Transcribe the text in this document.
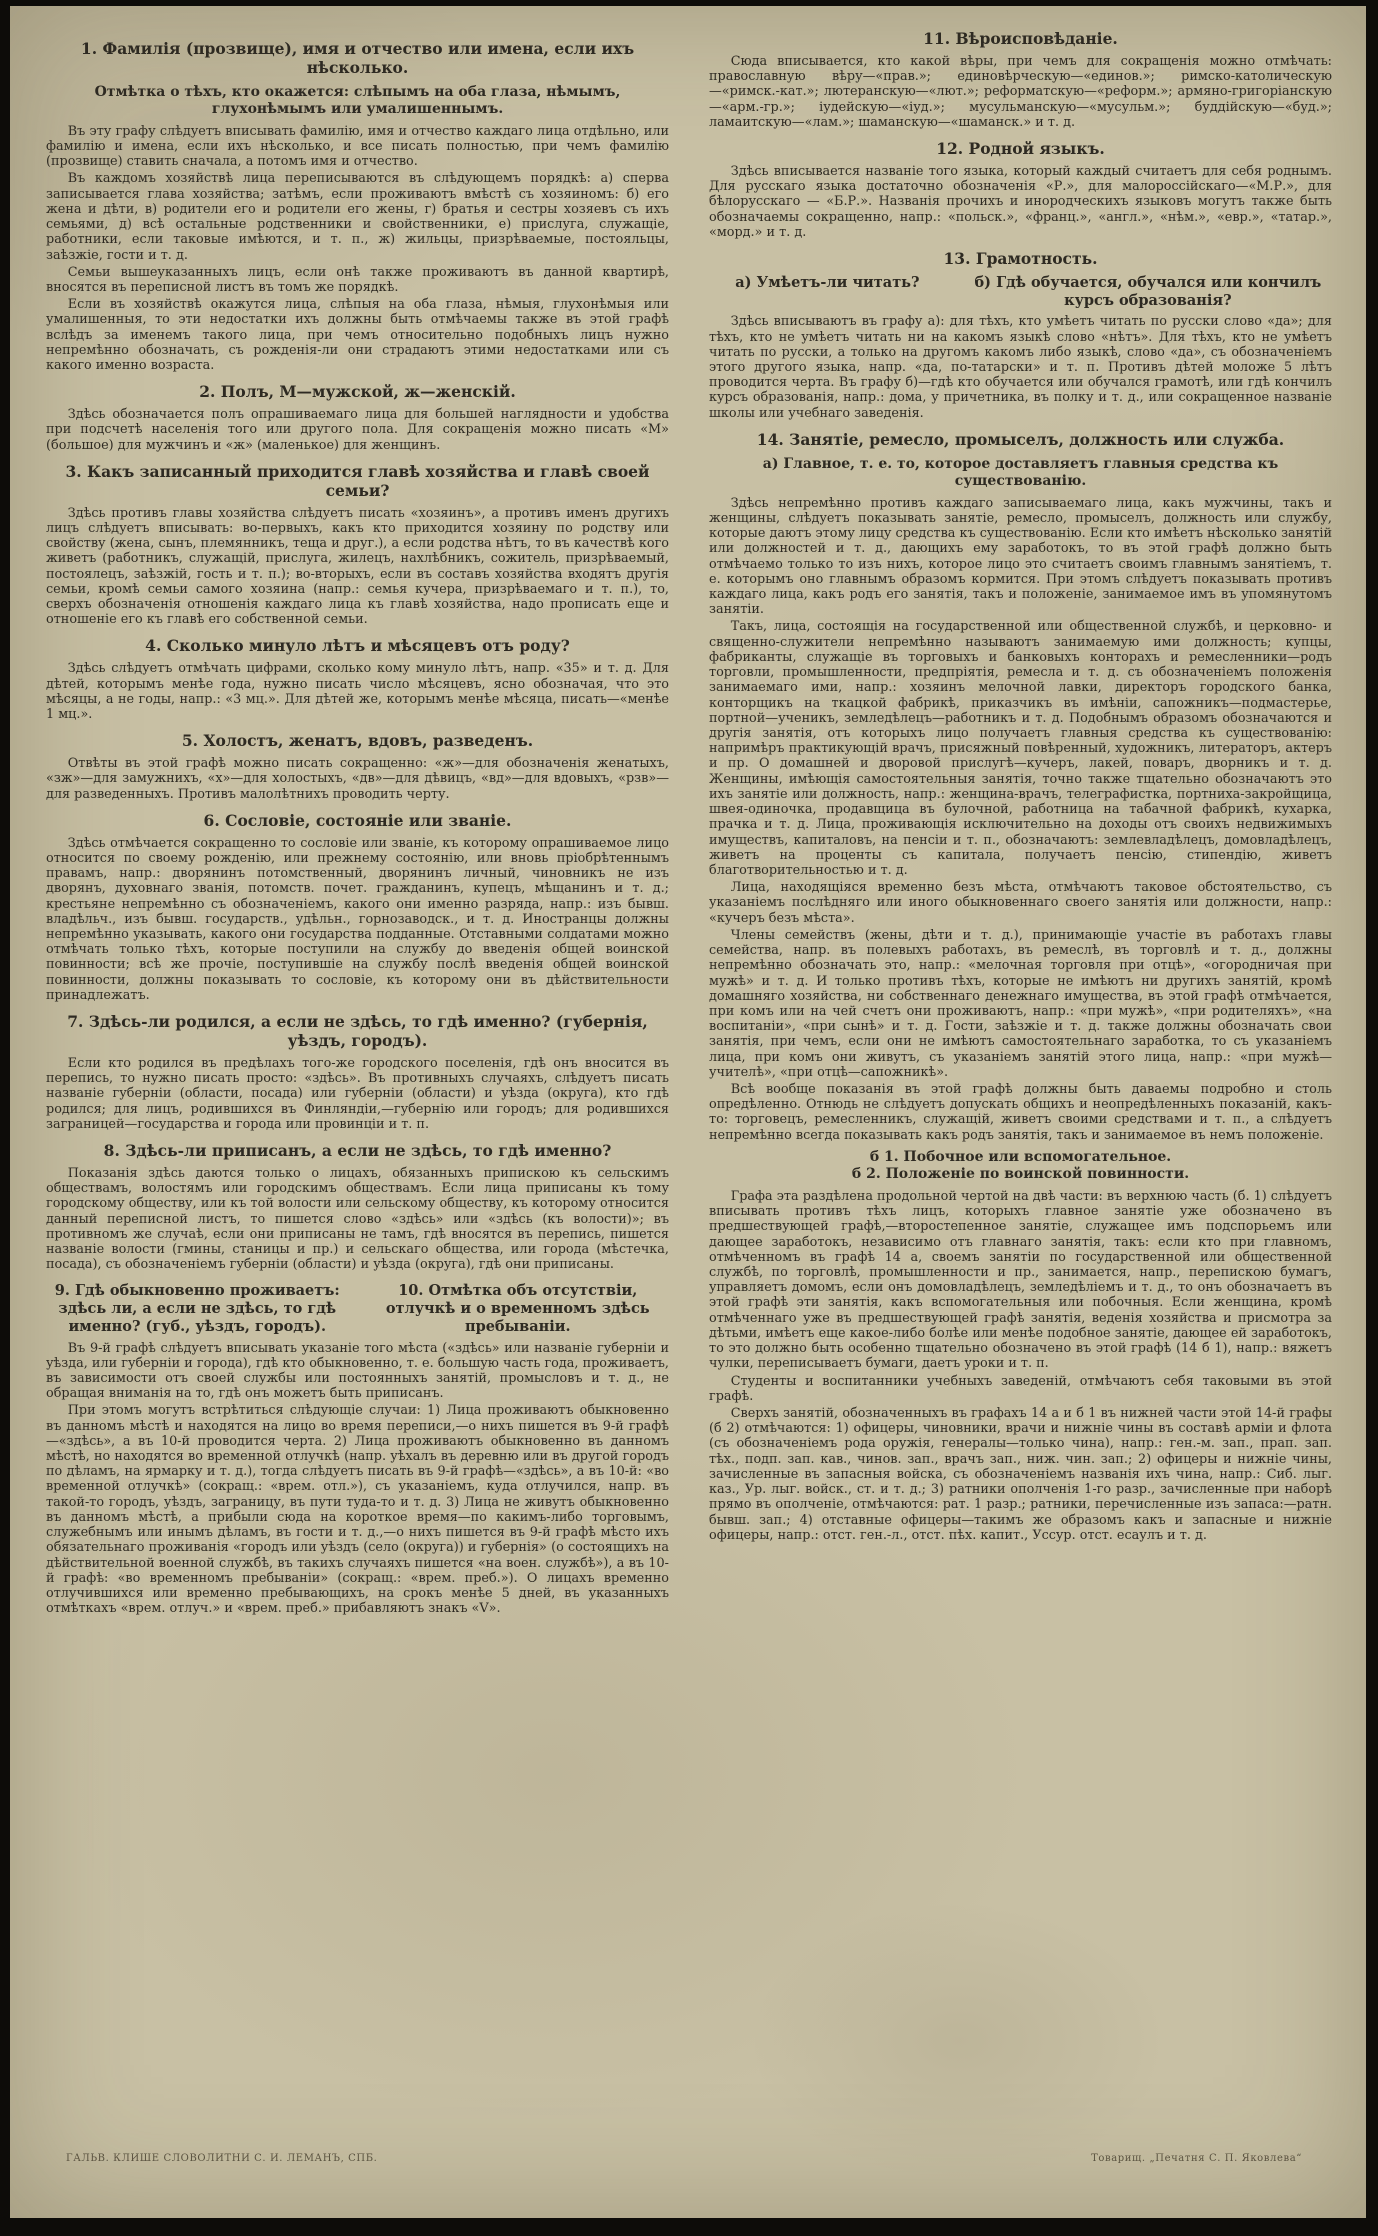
1. Фамилія (прозвище), имя и отчество или имена, если ихъ нѣсколько.
Отмѣтка о тѣхъ, кто окажется: слѣпымъ на оба глаза, нѣмымъ, глухонѣмымъ или умалишеннымъ.

Въ эту графу слѣдуетъ вписывать фамилію, имя и отчество каждаго лица отдѣльно, или фамилію и имена, если ихъ нѣсколько, и все писать полностью, при чемъ фамилію (прозвище) ставить сначала, а потомъ имя и отчество.

Въ каждомъ хозяйствѣ лица переписываются въ слѣдующемъ порядкѣ: а) сперва записывается глава хозяйства; затѣмъ, если проживаютъ вмѣстѣ съ хозяиномъ: б) его жена и дѣти, в) родители его и родители его жены, г) братья и сестры хозяевъ съ ихъ семьями, д) всѣ остальные родственники и свойственники, е) прислуга, служащіе, работники, если таковые имѣются, и т. п., ж) жильцы, призрѣваемые, постояльцы, заѣзжіе, гости и т. д.

Семьи вышеуказанныхъ лицъ, если онѣ также проживаютъ въ данной квартирѣ, вносятся въ переписной листъ въ томъ же порядкѣ.

Если въ хозяйствѣ окажутся лица, слѣпыя на оба глаза, нѣмыя, глухонѣмыя или умалишенныя, то эти недостатки ихъ должны быть отмѣчаемы также въ этой графѣ вслѣдъ за именемъ такого лица, при чемъ относительно подобныхъ лицъ нужно непремѣнно обозначать, съ рожденія-ли они страдаютъ этими недостатками или съ какого именно возраста.

2. Полъ, М—мужской, ж—женскій.

Здѣсь обозначается полъ опрашиваемаго лица для большей наглядности и удобства при подсчетѣ населенія того или другого пола. Для сокращенія можно писать «М» (большое) для мужчинъ и «ж» (маленькое) для женщинъ.

3. Какъ записанный приходится главѣ хозяйства и главѣ своей семьи?

Здѣсь противъ главы хозяйства слѣдуетъ писать «хозяинъ», а противъ именъ другихъ лицъ слѣдуетъ вписывать: во-первыхъ, какъ кто приходится хозяину по родству или свойству (жена, сынъ, племянникъ, теща и друг.), а если родства нѣтъ, то въ качествѣ кого живетъ (работникъ, служащій, прислуга, жилецъ, нахлѣбникъ, сожитель, призрѣваемый, постоялецъ, заѣзжій, гость и т. п.); во-вторыхъ, если въ составъ хозяйства входятъ другія семьи, кромѣ семьи самого хозяина (напр.: семья кучера, призрѣваемаго и т. п.), то, сверхъ обозначенія отношенія каждаго лица къ главѣ хозяйства, надо прописать еще и отношеніе его къ главѣ его собственной семьи.

4. Сколько минуло лѣтъ и мѣсяцевъ отъ роду?

Здѣсь слѣдуетъ отмѣчать цифрами, сколько кому минуло лѣтъ, напр. «35» и т. д. Для дѣтей, которымъ менѣе года, нужно писать число мѣсяцевъ, ясно обозначая, что это мѣсяцы, а не годы, напр.: «3 мц.». Для дѣтей же, которымъ менѣе мѣсяца, писать—«менѣе 1 мц.».

5. Холостъ, женатъ, вдовъ, разведенъ.

Отвѣты въ этой графѣ можно писать сокращенно: «ж»—для обозначенія женатыхъ, «зж»—для замужнихъ, «х»—для холостыхъ, «дв»—для дѣвицъ, «вд»—для вдовыхъ, «рзв»—для разведенныхъ. Противъ малолѣтнихъ проводить черту.

6. Сословіе, состояніе или званіе.

Здѣсь отмѣчается сокращенно то сословіе или званіе, къ которому опрашиваемое лицо относится по своему рожденію, или прежнему состоянію, или вновь пріобрѣтеннымъ правамъ, напр.: дворянинъ потомственный, дворянинъ личный, чиновникъ не изъ дворянъ, духовнаго званія, потомств. почет. гражданинъ, купецъ, мѣщанинъ и т. д.; крестьяне непремѣнно съ обозначеніемъ, какого они именно разряда, напр.: изъ бывш. владѣльч., изъ бывш. государств., удѣльн., горнозаводск., и т. д. Иностранцы должны непремѣнно указывать, какого они государства подданные. Отставными солдатами можно отмѣчать только тѣхъ, которые поступили на службу до введенія общей воинской повинности; всѣ же прочіе, поступившіе на службу послѣ введенія общей воинской повинности, должны показывать то сословіе, къ которому они въ дѣйствительности принадлежатъ.

7. Здѣсь-ли родился, а если не здѣсь, то гдѣ именно? (губернія, уѣздъ, городъ).

Если кто родился въ предѣлахъ того-же городского поселенія, гдѣ онъ вносится въ перепись, то нужно писать просто: «здѣсь». Въ противныхъ случаяхъ, слѣдуетъ писать названіе губерніи (области, посада) или губерніи (области) и уѣзда (округа), кто гдѣ родился; для лицъ, родившихся въ Финляндіи,—губернію или городъ; для родившихся заграницей—государства и города или провинціи и т. п.

8. Здѣсь-ли приписанъ, а если не здѣсь, то гдѣ именно?

Показанія здѣсь даются только о лицахъ, обязанныхъ припискою къ сельскимъ обществамъ, волостямъ или городскимъ обществамъ. Если лица приписаны къ тому городскому обществу, или къ той волости или сельскому обществу, къ которому относится данный переписной листъ, то пишется слово «здѣсь» или «здѣсь (къ волости)»; въ противномъ же случаѣ, если они приписаны не тамъ, гдѣ вносятся въ перепись, пишется названіе волости (гмины, станицы и пр.) и сельскаго общества, или города (мѣстечка, посада), съ обозначеніемъ губерніи (области) и уѣзда (округа), гдѣ они приписаны.

9. Гдѣ обыкновенно проживаетъ: здѣсь ли, а если не здѣсь, то гдѣ именно? (губ., уѣздъ, городъ).
10. Отмѣтка объ отсутствіи, отлучкѣ и о временномъ здѣсь пребываніи.

Въ 9-й графѣ слѣдуетъ вписывать указаніе того мѣста («здѣсь» или названіе губерніи и уѣзда, или губерніи и города), гдѣ кто обыкновенно, т. е. большую часть года, проживаетъ, въ зависимости отъ своей службы или постоянныхъ занятій, промысловъ и т. д., не обращая вниманія на то, гдѣ онъ можетъ быть приписанъ.

При этомъ могутъ встрѣтиться слѣдующіе случаи: 1) Лица проживаютъ обыкновенно въ данномъ мѣстѣ и находятся на лицо во время переписи,—о нихъ пишется въ 9-й графѣ—«здѣсь», а въ 10-й проводится черта. 2) Лица проживаютъ обыкновенно въ данномъ мѣстѣ, но находятся во временной отлучкѣ (напр. уѣхалъ въ деревню или въ другой городъ по дѣламъ, на ярмарку и т. д.), тогда слѣдуетъ писать въ 9-й графѣ—«здѣсь», а въ 10-й: «во временной отлучкѣ» (сокращ.: «врем. отл.»), съ указаніемъ, куда отлучился, напр. въ такой-то городъ, уѣздъ, заграницу, въ пути туда-то и т. д. 3) Лица не живутъ обыкновенно въ данномъ мѣстѣ, а прибыли сюда на короткое время—по какимъ-либо торговымъ, служебнымъ или инымъ дѣламъ, въ гости и т. д.,—о нихъ пишется въ 9-й графѣ мѣсто ихъ обязательнаго проживанія «городъ или уѣздъ (село (округа)) и губернія» (о состоящихъ на дѣйствительной военной службѣ, въ такихъ случаяхъ пишется «на воен. службѣ»), а въ 10-й графѣ: «во временномъ пребываніи» (сокращ.: «врем. преб.»). О лицахъ временно отлучившихся или временно пребывающихъ, на срокъ менѣе 5 дней, въ указанныхъ отмѣткахъ «врем. отлуч.» и «врем. преб.» прибавляютъ знакъ «V».

11. Вѣроисповѣданіе.

Сюда вписывается, кто какой вѣры, при чемъ для сокращенія можно отмѣчать: православную вѣру—«прав.»; единовѣрческую—«единов.»; римско-католическую—«римск.-кат.»; лютеранскую—«лют.»; реформатскую—«реформ.»; армяно-григоріанскую—«арм.-гр.»; іудейскую—«іуд.»; мусульманскую—«мусульм.»; буддійскую—«буд.»; ламаитскую—«лам.»; шаманскую—«шаманск.» и т. д.

12. Родной языкъ.

Здѣсь вписывается названіе того языка, который каждый считаетъ для себя роднымъ. Для русскаго языка достаточно обозначенія «Р.», для малороссійскаго—«М.Р.», для бѣлорусскаго — «Б.Р.». Названія прочихъ и инородческихъ языковъ могутъ также быть обозначаемы сокращенно, напр.: «польск.», «франц.», «англ.», «нѣм.», «евр.», «татар.», «морд.» и т. д.

13. Грамотность.
а) Умѣетъ-ли читать?	б) Гдѣ обучается, обучался или кончилъ курсъ образованія?

Здѣсь вписываютъ въ графу а): для тѣхъ, кто умѣетъ читать по русски слово «да»; для тѣхъ, кто не умѣетъ читать ни на какомъ языкѣ слово «нѣтъ». Для тѣхъ, кто не умѣетъ читать по русски, а только на другомъ какомъ либо языкѣ, слово «да», съ обозначеніемъ этого другого языка, напр. «да, по-татарски» и т. п. Противъ дѣтей моложе 5 лѣтъ проводится черта. Въ графу б)—гдѣ кто обучается или обучался грамотѣ, или гдѣ кончилъ курсъ образованія, напр.: дома, у причетника, въ полку и т. д., или сокращенное названіе школы или учебнаго заведенія.

14. Занятіе, ремесло, промыселъ, должность или служба.
а) Главное, т. е. то, которое доставляетъ главныя средства къ существованію.

Здѣсь непремѣнно противъ каждаго записываемаго лица, какъ мужчины, такъ и женщины, слѣдуетъ показывать занятіе, ремесло, промыселъ, должность или службу, которые даютъ этому лицу средства къ существованію. Если кто имѣетъ нѣсколько занятій или должностей и т. д., дающихъ ему заработокъ, то въ этой графѣ должно быть отмѣчаемо только то изъ нихъ, которое лицо это считаетъ своимъ главнымъ занятіемъ, т. е. которымъ оно главнымъ образомъ кормится. При этомъ слѣдуетъ показывать противъ каждаго лица, какъ родъ его занятія, такъ и положеніе, занимаемое имъ въ упомянутомъ занятіи.

Такъ, лица, состоящія на государственной или общественной службѣ, и церковно- и священно-служители непремѣнно называютъ занимаемую ими должность; купцы, фабриканты, служащіе въ торговыхъ и банковыхъ конторахъ и ремесленники—родъ торговли, промышленности, предпріятія, ремесла и т. д. съ обозначеніемъ положенія занимаемаго ими, напр.: хозяинъ мелочной лавки, директоръ городского банка, конторщикъ на ткацкой фабрикѣ, приказчикъ въ имѣніи, сапожникъ—подмастерье, портной—ученикъ, земледѣлецъ—работникъ и т. д. Подобнымъ образомъ обозначаются и другія занятія, отъ которыхъ лицо получаетъ главныя средства къ существованію: напримѣръ практикующій врачъ, присяжный повѣренный, художникъ, литераторъ, актеръ и пр. О домашней и дворовой прислугѣ—кучеръ, лакей, поваръ, дворникъ и т. д. Женщины, имѣющія самостоятельныя занятія, точно также тщательно обозначаютъ это ихъ занятіе или должность, напр.: женщина-врачъ, телеграфистка, портниха-закройщица, швея-одиночка, продавщица въ булочной, работница на табачной фабрикѣ, кухарка, прачка и т. д. Лица, проживающія исключительно на доходы отъ своихъ недвижимыхъ имуществъ, капиталовъ, на пенсіи и т. п., обозначаютъ: землевладѣлецъ, домовладѣлецъ, живетъ на проценты съ капитала, получаетъ пенсію, стипендію, живетъ благотворительностью и т. д.

Лица, находящіяся временно безъ мѣста, отмѣчаютъ таковое обстоятельство, съ указаніемъ послѣдняго или иного обыкновеннаго своего занятія или должности, напр.: «кучеръ безъ мѣста».

Члены семействъ (жены, дѣти и т. д.), принимающіе участіе въ работахъ главы семейства, напр. въ полевыхъ работахъ, въ ремеслѣ, въ торговлѣ и т. д., должны непремѣнно обозначать это, напр.: «мелочная торговля при отцѣ», «огородничая при мужѣ» и т. д. И только противъ тѣхъ, которые не имѣютъ ни другихъ занятій, кромѣ домашняго хозяйства, ни собственнаго денежнаго имущества, въ этой графѣ отмѣчается, при комъ или на чей счетъ они проживаютъ, напр.: «при мужѣ», «при родителяхъ», «на воспитаніи», «при сынѣ» и т. д. Гости, заѣзжіе и т. д. также должны обозначать свои занятія, при чемъ, если они не имѣютъ самостоятельнаго заработка, то съ указаніемъ лица, при комъ они живутъ, съ указаніемъ занятій этого лица, напр.: «при мужѣ—учителѣ», «при отцѣ—сапожникѣ».

Всѣ вообще показанія въ этой графѣ должны быть даваемы подробно и столь опредѣленно. Отнюдь не слѣдуетъ допускать общихъ и неопредѣленныхъ показаній, какъ-то: торговецъ, ремесленникъ, служащій, живетъ своими средствами и т. п., а слѣдуетъ непремѣнно всегда показывать какъ родъ занятія, такъ и занимаемое въ немъ положеніе.

б 1. Побочное или вспомогательное.
б 2. Положеніе по воинской повинности.

Графа эта раздѣлена продольной чертой на двѣ части: въ верхнюю часть (б. 1) слѣдуетъ вписывать противъ тѣхъ лицъ, которыхъ главное занятіе уже обозначено въ предшествующей графѣ,—второстепенное занятіе, служащее имъ подспорьемъ или дающее заработокъ, независимо отъ главнаго занятія, такъ: если кто при главномъ, отмѣченномъ въ графѣ 14 а, своемъ занятіи по государственной или общественной службѣ, по торговлѣ, промышленности и пр., занимается, напр., перепискою бумагъ, управляетъ домомъ, если онъ домовладѣлецъ, земледѣліемъ и т. д., то онъ обозначаетъ въ этой графѣ эти занятія, какъ вспомогательныя или побочныя. Если женщина, кромѣ отмѣченнаго уже въ предшествующей графѣ занятія, веденія хозяйства и присмотра за дѣтьми, имѣетъ еще какое-либо болѣе или менѣе подобное занятіе, дающее ей заработокъ, то это должно быть особенно тщательно обозначено въ этой графѣ (14 б 1), напр.: вяжетъ чулки, переписываетъ бумаги, даетъ уроки и т. п.

Студенты и воспитанники учебныхъ заведеній, отмѣчаютъ себя таковыми въ этой графѣ.

Сверхъ занятій, обозначенныхъ въ графахъ 14 а и б 1 въ нижней части этой 14-й графы (б 2) отмѣчаются: 1) офицеры, чиновники, врачи и нижніе чины въ составѣ арміи и флота (съ обозначеніемъ рода оружія, генералы—только чина), напр.: ген.-м. зап., прап. зап. тѣх., подп. зап. кав., чинов. зап., врачъ зап., ниж. чин. зап.; 2) офицеры и нижніе чины, зачисленные въ запасныя войска, съ обозначеніемъ названія ихъ чина, напр.: Сиб. лыг. каз., Ур. лыг. войск., ст. и т. д.; 3) ратники ополченія 1-го разр., зачисленные при наборѣ прямо въ ополченіе, отмѣчаются: рат. 1 разр.; ратники, перечисленные изъ запаса:—ратн. бывш. зап.; 4) отставные офицеры—такимъ же образомъ какъ и запасные и нижніе офицеры, напр.: отст. ген.-л., отст. пѣх. капит., Уссур. отст. есаулъ и т. д.

ГАЛЬВ. КЛИШЕ СЛОВОЛИТНИ С. И. ЛЕМАНЪ, СПБ.	Товарищ. „Печатня С. П. Яковлева“
